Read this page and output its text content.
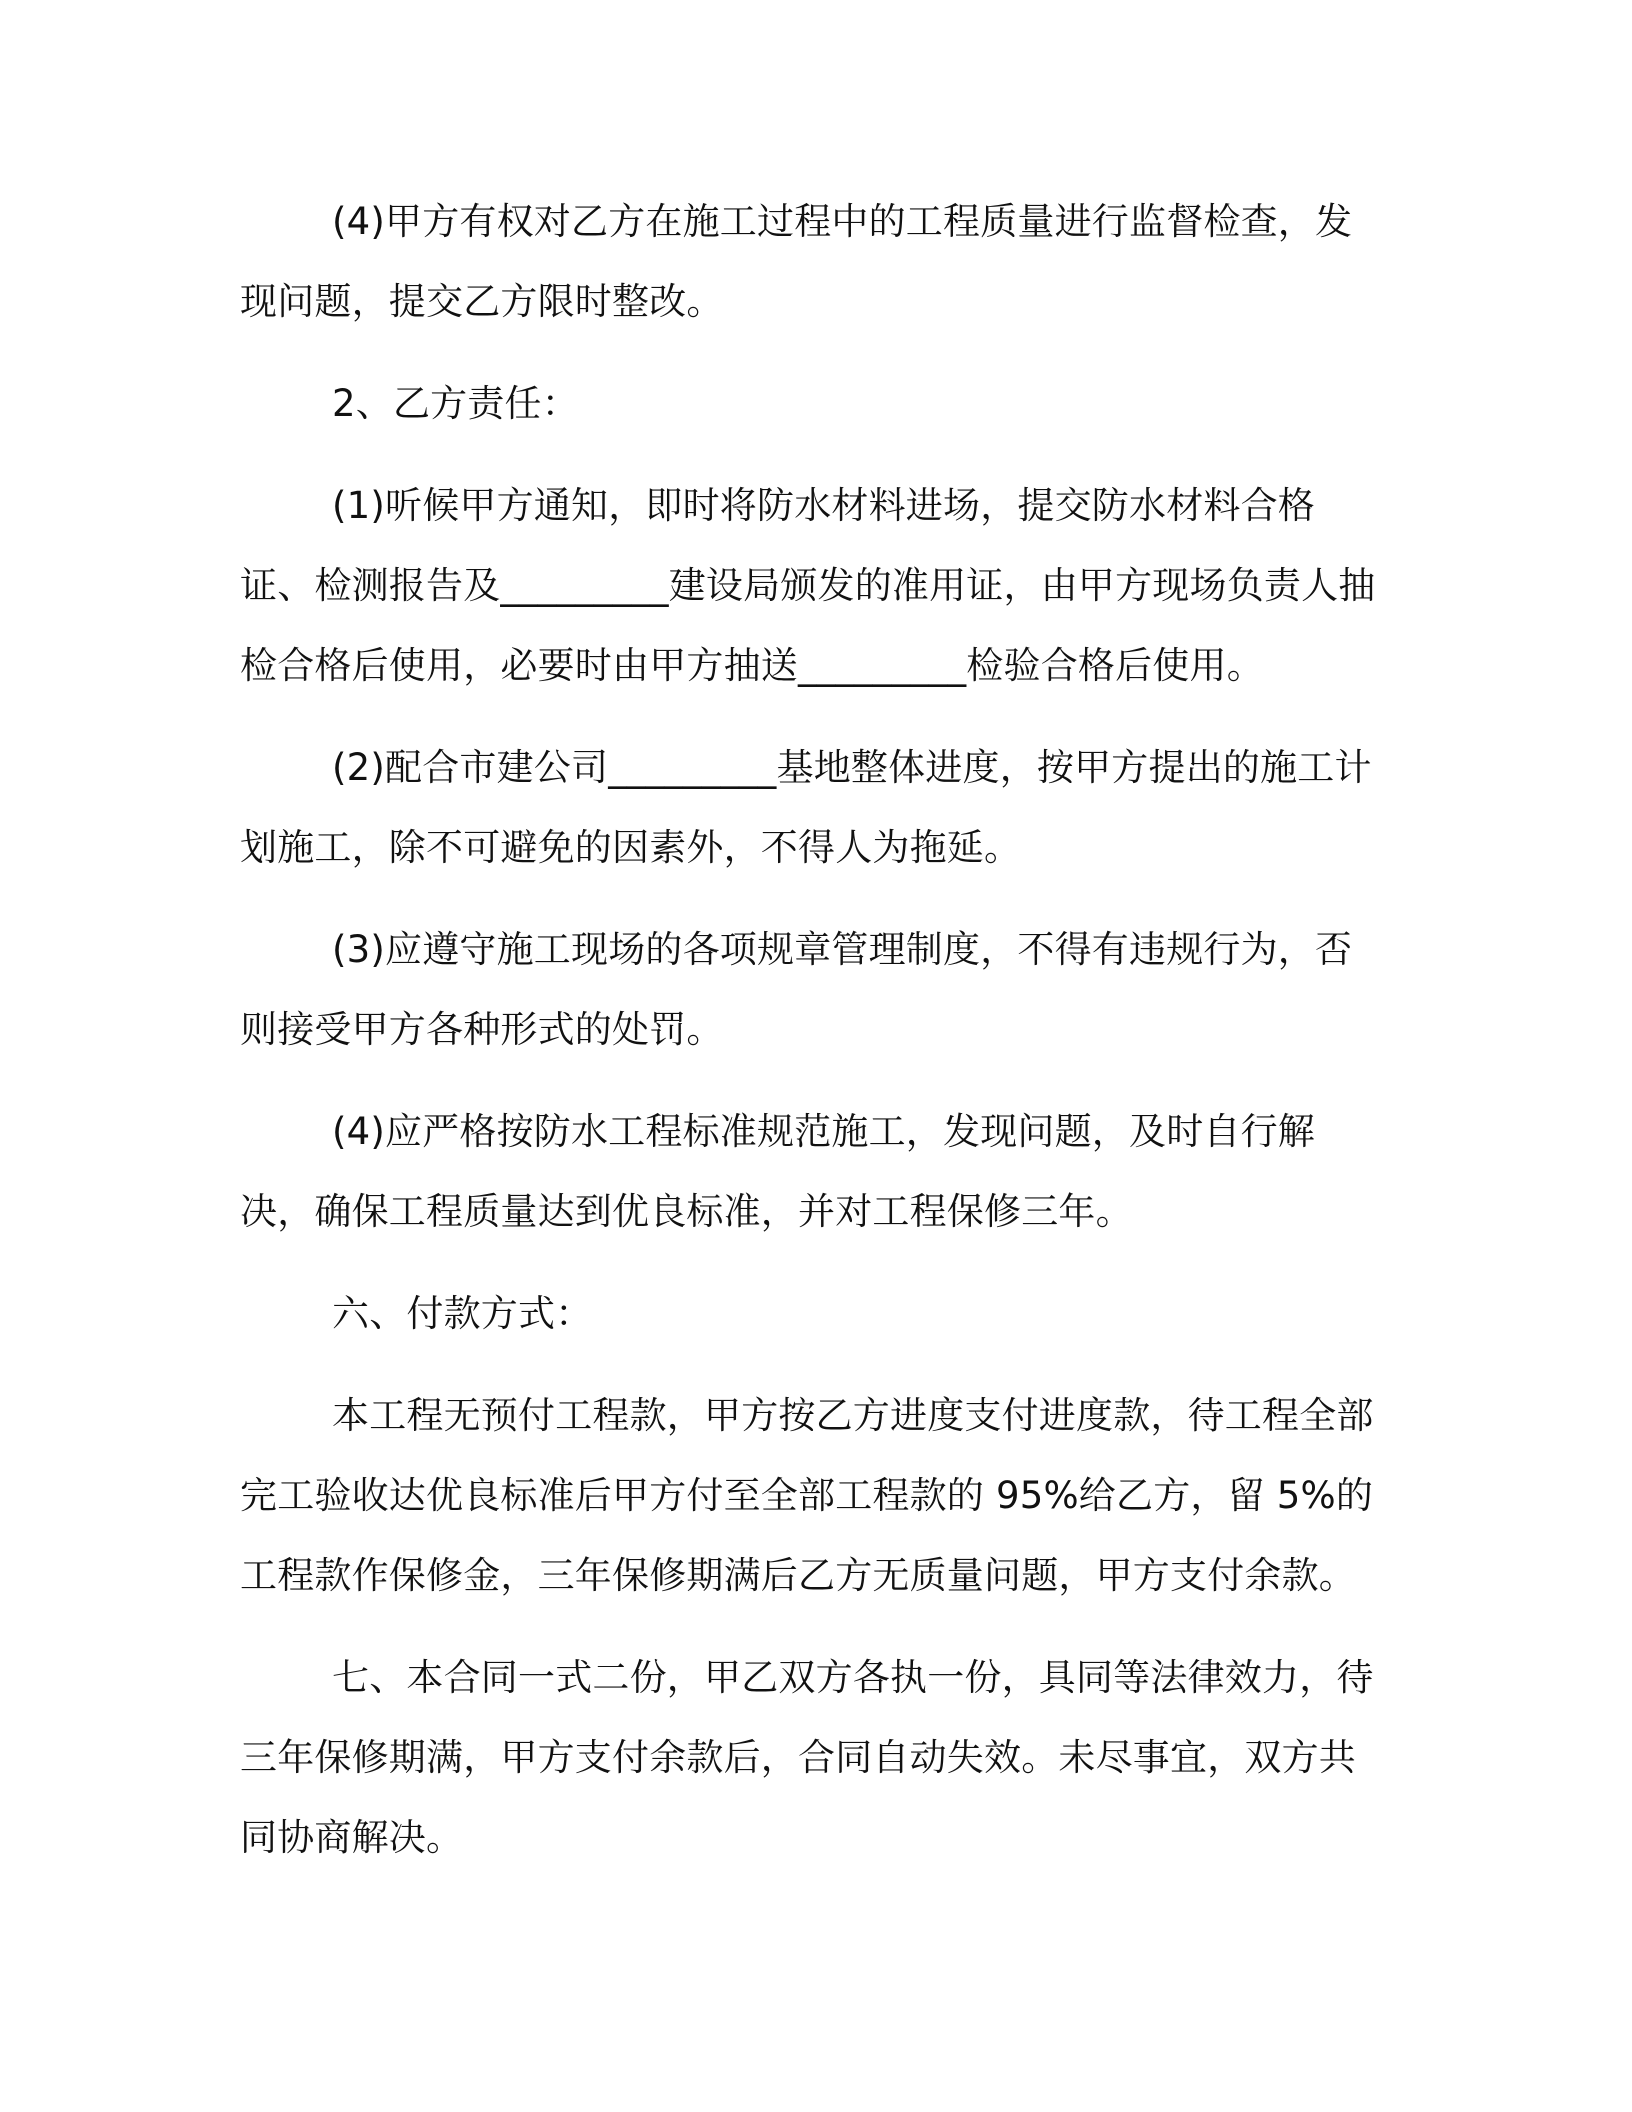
(4)甲方有权对乙方在施工过程中的工程质量进行监督检查，发现问题，提交乙方限时整改。

2、乙方责任：

(1)听候甲方通知，即时将防水材料进场，提交防水材料合格证、检测报告及_________建设局颁发的准用证，由甲方现场负责人抽检合格后使用，必要时由甲方抽送_________检验合格后使用。

(2)配合市建公司_________基地整体进度，按甲方提出的施工计划施工，除不可避免的因素外，不得人为拖延。

(3)应遵守施工现场的各项规章管理制度，不得有违规行为，否则接受甲方各种形式的处罚。

(4)应严格按防水工程标准规范施工，发现问题，及时自行解决，确保工程质量达到优良标准，并对工程保修三年。

六、付款方式：

本工程无预付工程款，甲方按乙方进度支付进度款，待工程全部完工验收达优良标准后甲方付至全部工程款的 95%给乙方，留 5%的工程款作保修金，三年保修期满后乙方无质量问题，甲方支付余款。

七、本合同一式二份，甲乙双方各执一份，具同等法律效力，待三年保修期满，甲方支付余款后，合同自动失效。未尽事宜，双方共同协商解决。
